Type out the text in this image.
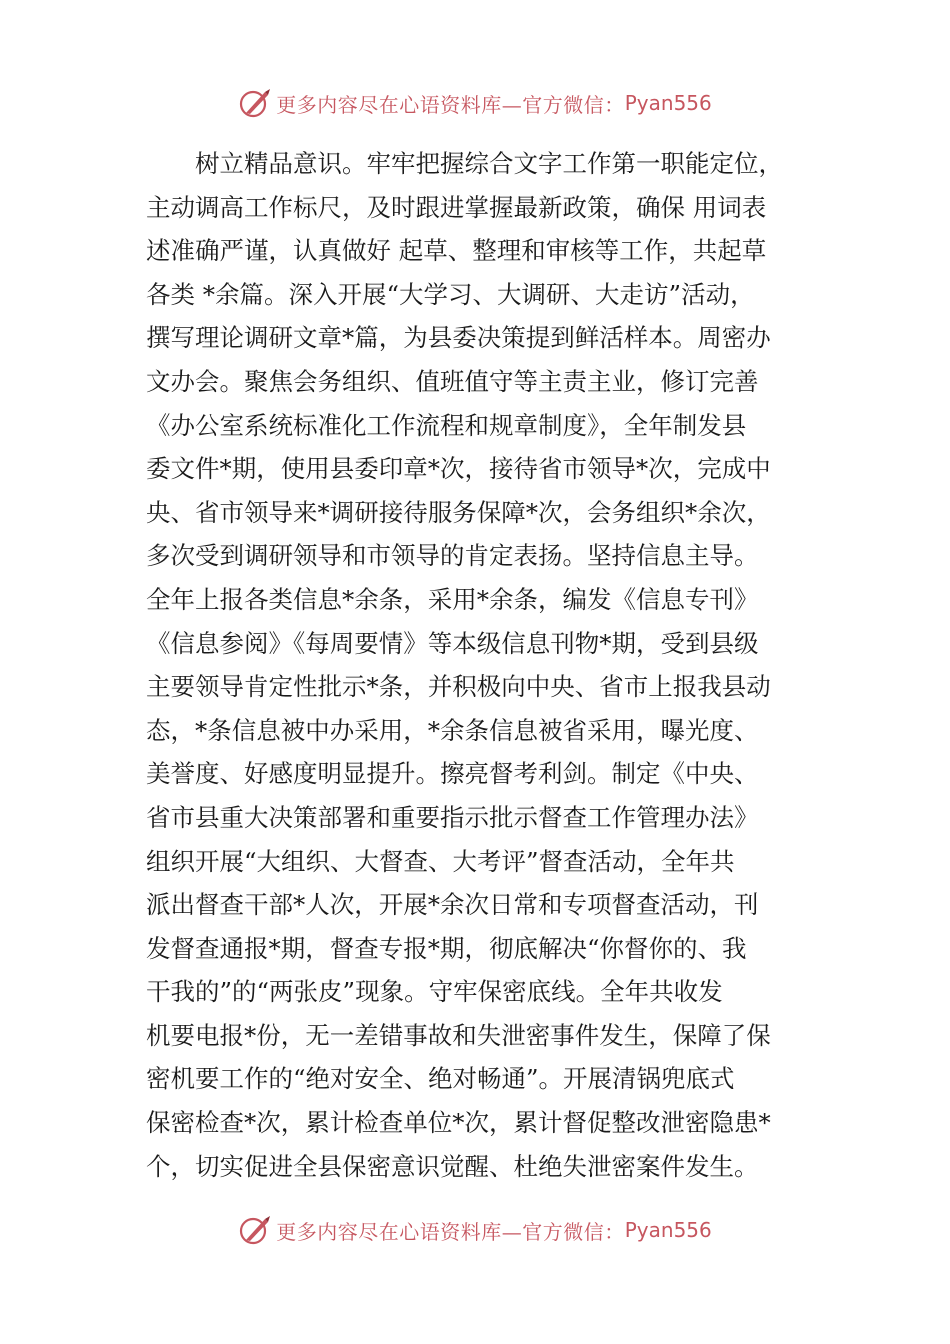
更多内容尽在心语资料库—官方微信： Pyan556
树立精品意识。牢牢把握综合文字工作第一职能定位，
主动调高工作标尺，及时跟进掌握最新政策，确保 用词表
述准确严谨，认真做好 起草、整理和审核等工作，共起草
各类 *余篇。深入开展“大学习、大调研、大走访”活动，
撰写理论调研文章*篇，为县委决策提到鲜活样本。周密办
文办会。聚焦会务组织、值班值守等主责主业，修订完善
《办公室系统标准化工作流程和规章制度》，全年制发县
委文件*期，使用县委印章*次，接待省市领导*次，完成中
央、省市领导来*调研接待服务保障*次，会务组织*余次，
多次受到调研领导和市领导的肯定表扬。坚持信息主导。
全年上报各类信息*余条，采用*余条，编发《信息专刊》
《信息参阅》《每周要情》等本级信息刊物*期，受到县级
主要领导肯定性批示*条，并积极向中央、省市上报我县动
态，*条信息被中办采用，*余条信息被省采用，曝光度、
美誉度、好感度明显提升。擦亮督考利剑。制定《中央、
省市县重大决策部署和重要指示批示督查工作管理办法》
组织开展“大组织、大督查、大考评”督查活动，全年共
派出督查干部*人次，开展*余次日常和专项督查活动，刊
发督查通报*期，督查专报*期，彻底解决“你督你的、我
干我的”的“两张皮”现象。守牢保密底线。全年共收发
机要电报*份，无一差错事故和失泄密事件发生，保障了保
密机要工作的“绝对安全、绝对畅通”。开展清锅兜底式
保密检查*次，累计检查单位*次，累计督促整改泄密隐患*
个，切实促进全县保密意识觉醒、杜绝失泄密案件发生。
更多内容尽在心语资料库—官方微信： Pyan556
